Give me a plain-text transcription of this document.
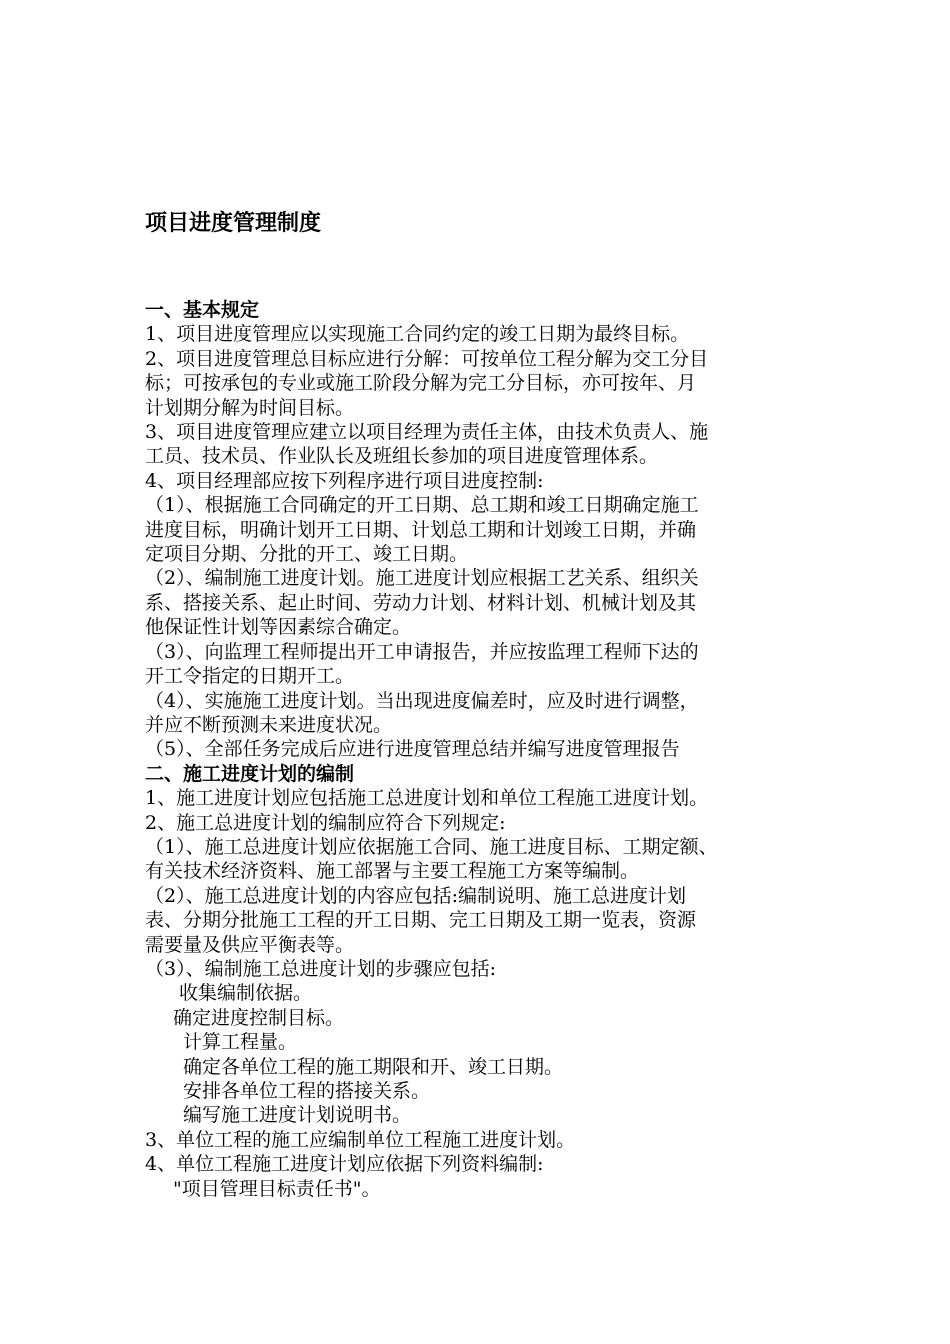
项目进度管理制度
一、基本规定
1、项目进度管理应以实现施工合同约定的竣工日期为最终目标。
2、项目进度管理总目标应进行分解：可按单位工程分解为交工分目
标；可按承包的专业或施工阶段分解为完工分目标，亦可按年、月
计划期分解为时间目标。
3、项目进度管理应建立以项目经理为责任主体，由技术负责人、施
工员、技术员、作业队长及班组长参加的项目进度管理体系。
4、项目经理部应按下列程序进行项目进度控制:
（1）、根据施工合同确定的开工日期、总工期和竣工日期确定施工
进度目标，明确计划开工日期、计划总工期和计划竣工日期，并确
定项目分期、分批的开工、竣工日期。
（2）、编制施工进度计划。施工进度计划应根据工艺关系、组织关
系、搭接关系、起止时间、劳动力计划、材料计划、机械计划及其
他保证性计划等因素综合确定。
（3）、向监理工程师提出开工申请报告，并应按监理工程师下达的
开工令指定的日期开工。
（4）、实施施工进度计划。当出现进度偏差时，应及时进行调整，
并应不断预测未来进度状况。
（5）、全部任务完成后应进行进度管理总结并编写进度管理报告
二、施工进度计划的编制
1、施工进度计划应包括施工总进度计划和单位工程施工进度计划。
2、施工总进度计划的编制应符合下列规定:
（1）、施工总进度计划应依据施工合同、施工进度目标、工期定额、
有关技术经济资料、施工部署与主要工程施工方案等编制。
（2）、施工总进度计划的内容应包括:编制说明、施工总进度计划
表、分期分批施工工程的开工日期、完工日期及工期一览表，资源
需要量及供应平衡表等。
（3）、编制施工总进度计划的步骤应包括:
收集编制依据。
确定进度控制目标。
计算工程量。
确定各单位工程的施工期限和开、竣工日期。
安排各单位工程的搭接关系。
编写施工进度计划说明书。
3、单位工程的施工应编制单位工程施工进度计划。
4、单位工程施工进度计划应依据下列资料编制:
"项目管理目标责任书"。
